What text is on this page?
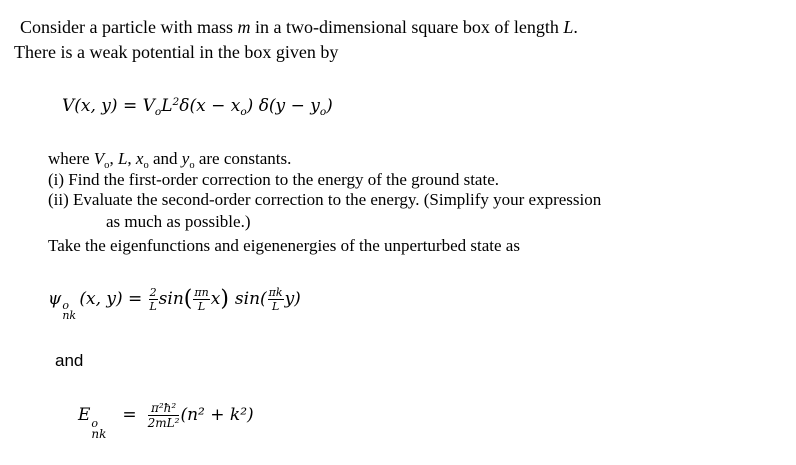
Consider a particle with mass m in a two-dimensional square box of length L.
There is a weak potential in the box given by
V(x, $y) = V_oL^2\delta(x - x_o) \delta(y - y_o)$
where $V_o$, L, $x_o$ and $y_o$ are constants.
(i) Find the first-order correction to the energy of the ground state.
(ii) Evaluate the second-order correction to the energy. (Simplify your expression
as much as possible.)
Take the eigenfunctions and eigenenergies of the unperturbed state as
ψ o
nk
(x, $y) = \frac{2}{L} \sin( \frac{\pi n}{L} x)$ $\sin( \frac{\pi k}{L} y)$
and
E o
nk
= $\frac{\text{π²ħ²}}{\text{2mL²}} (n^2 + k^2)$
